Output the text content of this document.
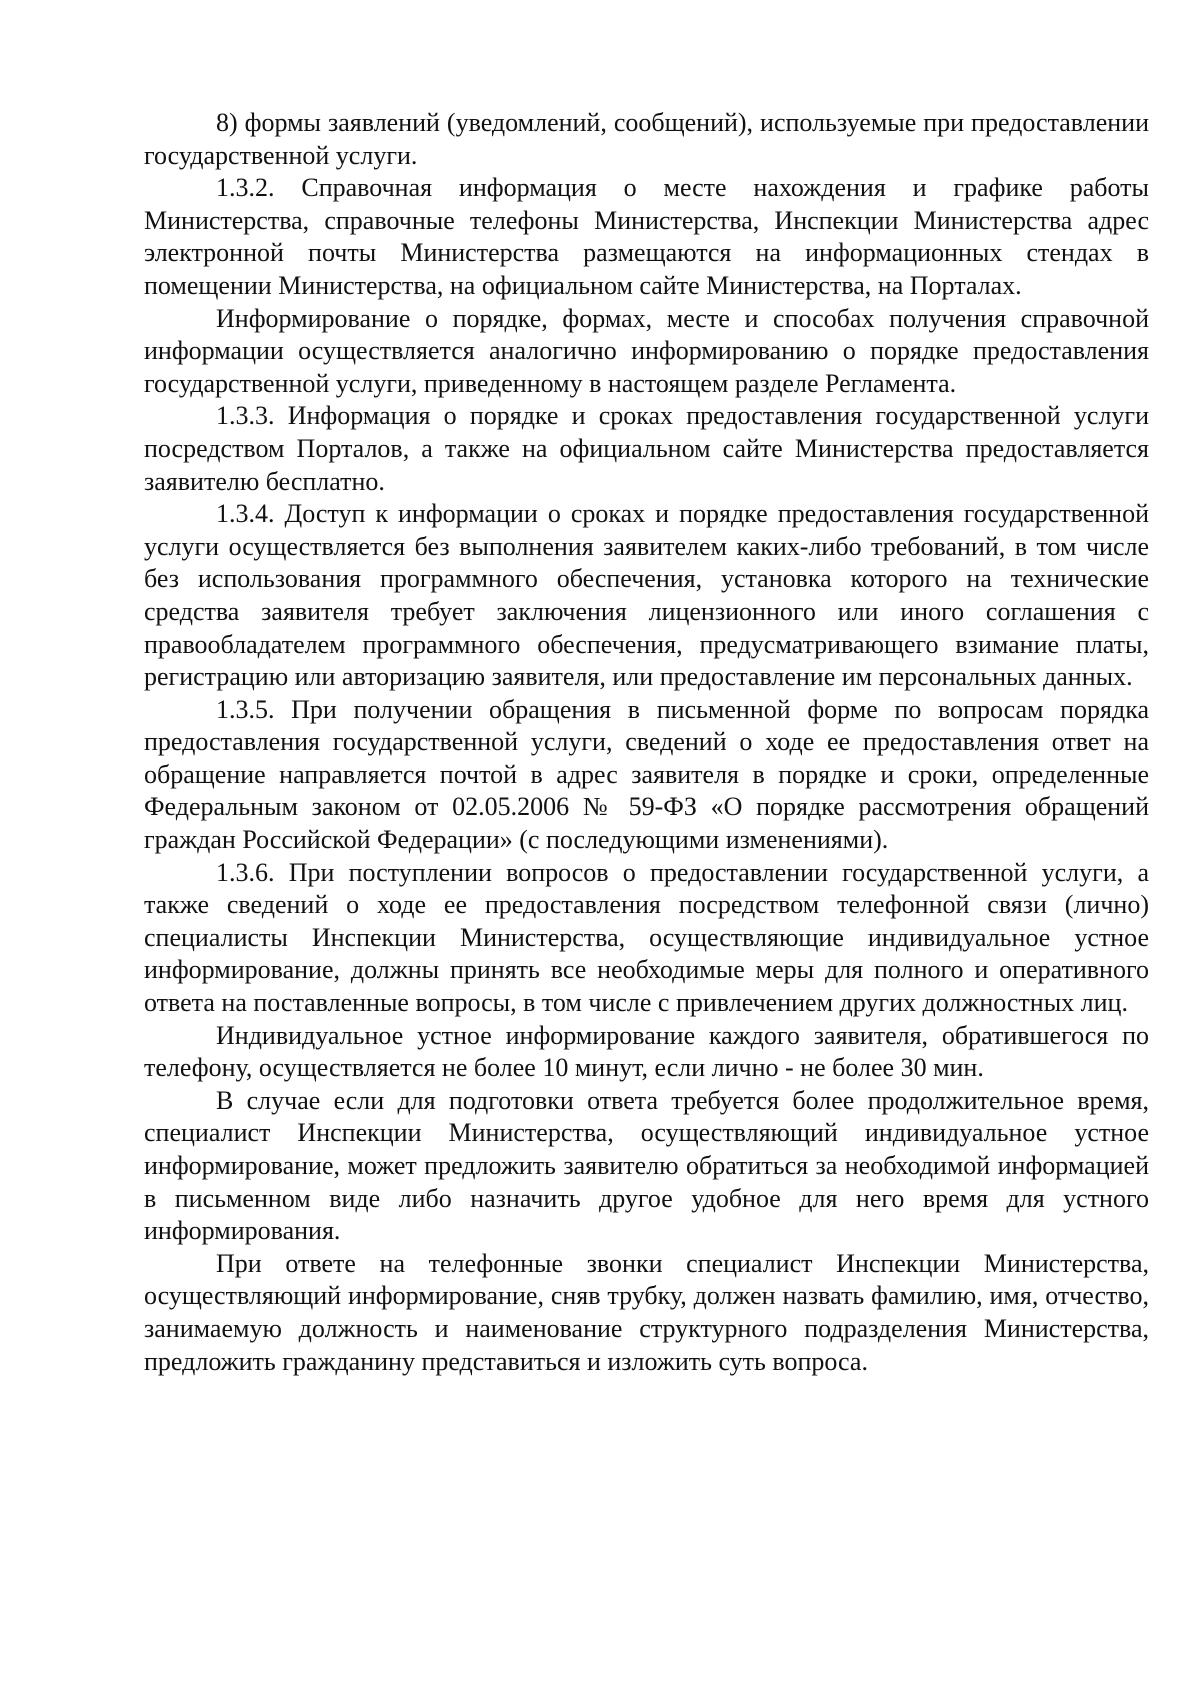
8) формы заявлений (уведомлений, сообщений), используемые при предоставлении государственной услуги.

1.3.2. Справочная информация о месте нахождения и графике работы Министерства, справочные телефоны Министерства, Инспекции Министерства адрес электронной почты Министерства размещаются на информационных стендах в помещении Министерства, на официальном сайте Министерства, на Порталах.

Информирование о порядке, формах, месте и способах получения справочной информации осуществляется аналогично информированию о порядке предоставления государственной услуги, приведенному в настоящем разделе Регламента.

1.3.3. Информация о порядке и сроках предоставления государственной услуги посредством Порталов, а также на официальном сайте Министерства предоставляется заявителю бесплатно.

1.3.4. Доступ к информации о сроках и порядке предоставления государственной услуги осуществляется без выполнения заявителем каких-либо требований, в том числе без использования программного обеспечения, установка которого на технические средства заявителя требует заключения лицензионного или иного соглашения с правообладателем программного обеспечения, предусматривающего взимание платы, регистрацию или авторизацию заявителя, или предоставление им персональных данных.

1.3.5. При получении обращения в письменной форме по вопросам порядка предоставления государственной услуги, сведений о ходе ее предоставления ответ на обращение направляется почтой в адрес заявителя в порядке и сроки, определенные Федеральным законом от 02.05.2006 № 59-ФЗ «О порядке рассмотрения обращений граждан Российской Федерации» (с последующими изменениями).

1.3.6. При поступлении вопросов о предоставлении государственной услуги, а также сведений о ходе ее предоставления посредством телефонной связи (лично) специалисты Инспекции Министерства, осуществляющие индивидуальное устное информирование, должны принять все необходимые меры для полного и оперативного ответа на поставленные вопросы, в том числе с привлечением других должностных лиц.

Индивидуальное устное информирование каждого заявителя, обратившегося по телефону, осуществляется не более 10 минут, если лично - не более 30 мин.

В случае если для подготовки ответа требуется более продолжительное время, специалист Инспекции Министерства, осуществляющий индивидуальное устное информирование, может предложить заявителю обратиться за необходимой информацией в письменном виде либо назначить другое удобное для него время для устного информирования.

При ответе на телефонные звонки специалист Инспекции Министерства, осуществляющий информирование, сняв трубку, должен назвать фамилию, имя, отчество, занимаемую должность и наименование структурного подразделения Министерства, предложить гражданину представиться и изложить суть вопроса.
